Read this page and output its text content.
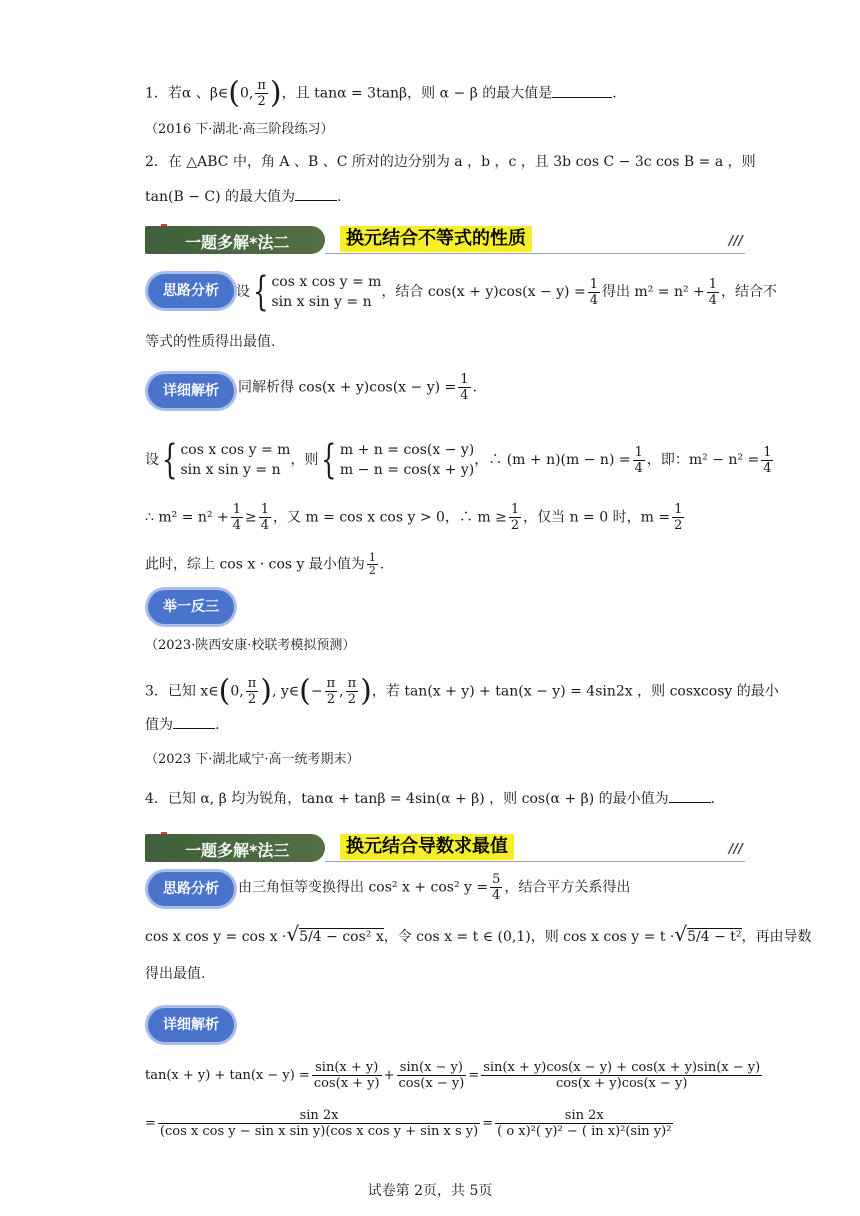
1．若α 、β∈(0, $\frac{\pi}{2}$ )，且 tanα = 3tanβ，则 α − β 的最大值是	.
（2016 下·湖北·高三阶段练习）
2．在 △ABC 中，角 A 、B 、C 所对的边分别为 a ，b ，c ，且 3b cos C − 3c cos B = a ，则
tan(B − C) 的最大值为	.
一题多解*法二	换元结合不等式的性质	///
思路分析	设{ cos x cos y = m
sin x sin y = n
，结合 $\cos(x + y)\cos(x - y) = \frac{1}{4}$ 得出 $m^2 = n^2 + \frac{1}{4}$ ，结合不
等式的性质得出最值.
详细解析	同解析得 $\cos(x + y)\cos(x - y) = \frac{1}{4}$ .
设{ cos x cos y = m
sin x sin y = n
，则{ m + n = cos(x − y)
m − n = cos(x + y)
，∴ $(m + n)(m - n) = \frac{1}{4}$ ，即：$m^2 - n^2 = \frac{1}{4}$
∴ $m^2 = n^2 + \frac{1}{4} \ge \frac{1}{4}$ ，又 m = cos x cos y > 0，∴ $m \ge \frac{1}{2}$ ，仅当 n = 0 时，$m = \frac{1}{2}$
此时，综上 cos x · cos y 最小值为 $\frac{1}{2}$ .
举一反三
（2023·陕西安康·校联考模拟预测）
3．已知 x∈(0, $\frac{\pi}{2}$ ), y∈(− $\frac{\pi}{2}$ , $\frac{\pi}{2}$ )，若 tan(x + y) + tan(x − y) = 4sin2x ，则 cosxcosy 的最小
值为	.
（2023 下·湖北咸宁·高一统考期末）
4．已知 α, β 均为锐角，tanα + tanβ = 4sin(α + β) ，则 cos(α + β) 的最小值为	.
一题多解*法三	换元结合导数求最值	///
思路分析	由三角恒等变换得出 cos² x + cos² $y = \frac{5}{4}$ ，结合平方关系得出
cos x cos y = cos x ·√5/4 − cos² x，令 cos x = t ∈ (0,1)，则 cos x cos y = t ·√5/4 − t²，再由导数
得出最值.
详细解析
$\tan(x + y) + \tan(x - y) = \frac{\sin(x + y)}{\cos(x + y)} + \frac{\sin(x - y)}{\cos(x - y)} = \frac{\sin(x + y)\cos(x - y) + \cos(x + y)\sin(x - y)}{\cos(x + y)\cos(x - y)}$
= $\frac{\sin 2x}{\text{(cos x cos y − sin x sin y)(cos x cos y + sin x s y)}} = \frac{\sin 2x}{\text{( o x)²( y)² − ( in x)²(sin y)²}}$
试卷第 2页，共 5页
